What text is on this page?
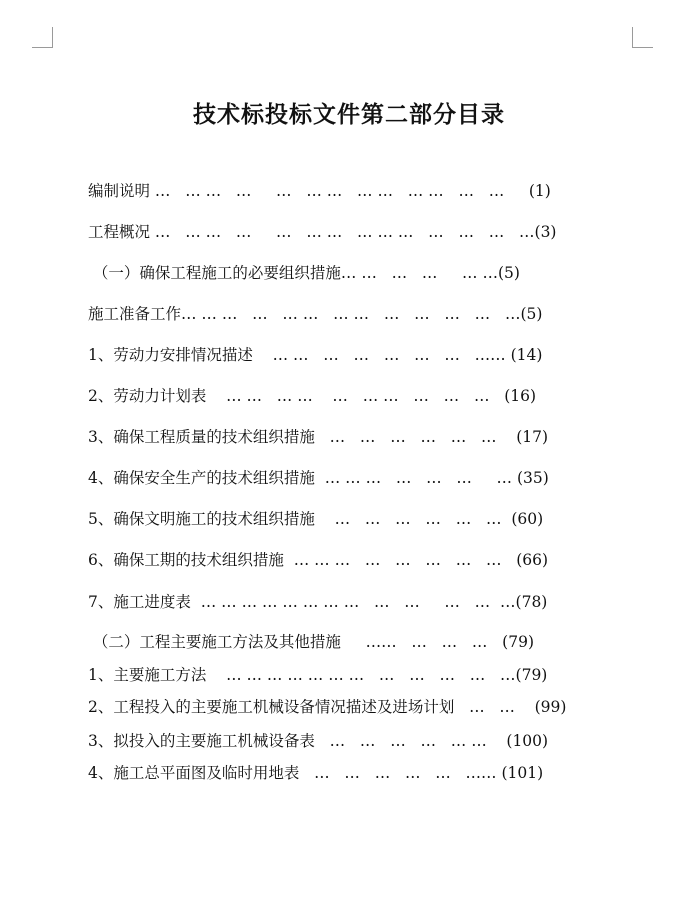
技术标投标文件第二部分目录
编制说明 …   … …   …     …   … …   … …   … …   …   …     (1)
工程概况 …   … …   …     …   … …   … … …   …   …   …   …(3)
（一）确保工程施工的必要组织措施… …   …   …     … …(5)
施工准备工作… … …   …   … …   … …   …   …   …   …   …(5)
1、劳动力安排情况描述    … …   …   …   …   …   …   …… (14)
2、劳动力计划表    … …   … …    …   … …   …   …   …   (16)
3、确保工程质量的技术组织措施   …   …   …   …   …   …    (17)
4、确保安全生产的技术组织措施  … … …   …   …   …     … (35)
5、确保文明施工的技术组织措施    …   …   …   …   …   …  (60)
6、确保工期的技术组织措施  … … …   …   …   …   …   …   (66)
7、施工进度表  … … … … … … … …   …   …     …   …  …(78)
（二）工程主要施工方法及其他措施     ……   …   …   …   (79)
1、主要施工方法    … … … … … … …   …   …   …   …   …(79)
2、工程投入的主要施工机械设备情况描述及进场计划   …   …    (99)
3、拟投入的主要施工机械设备表   …   …   …   …   … …    (100)
4、施工总平面图及临时用地表   …   …   …   …   …   …… (101)
